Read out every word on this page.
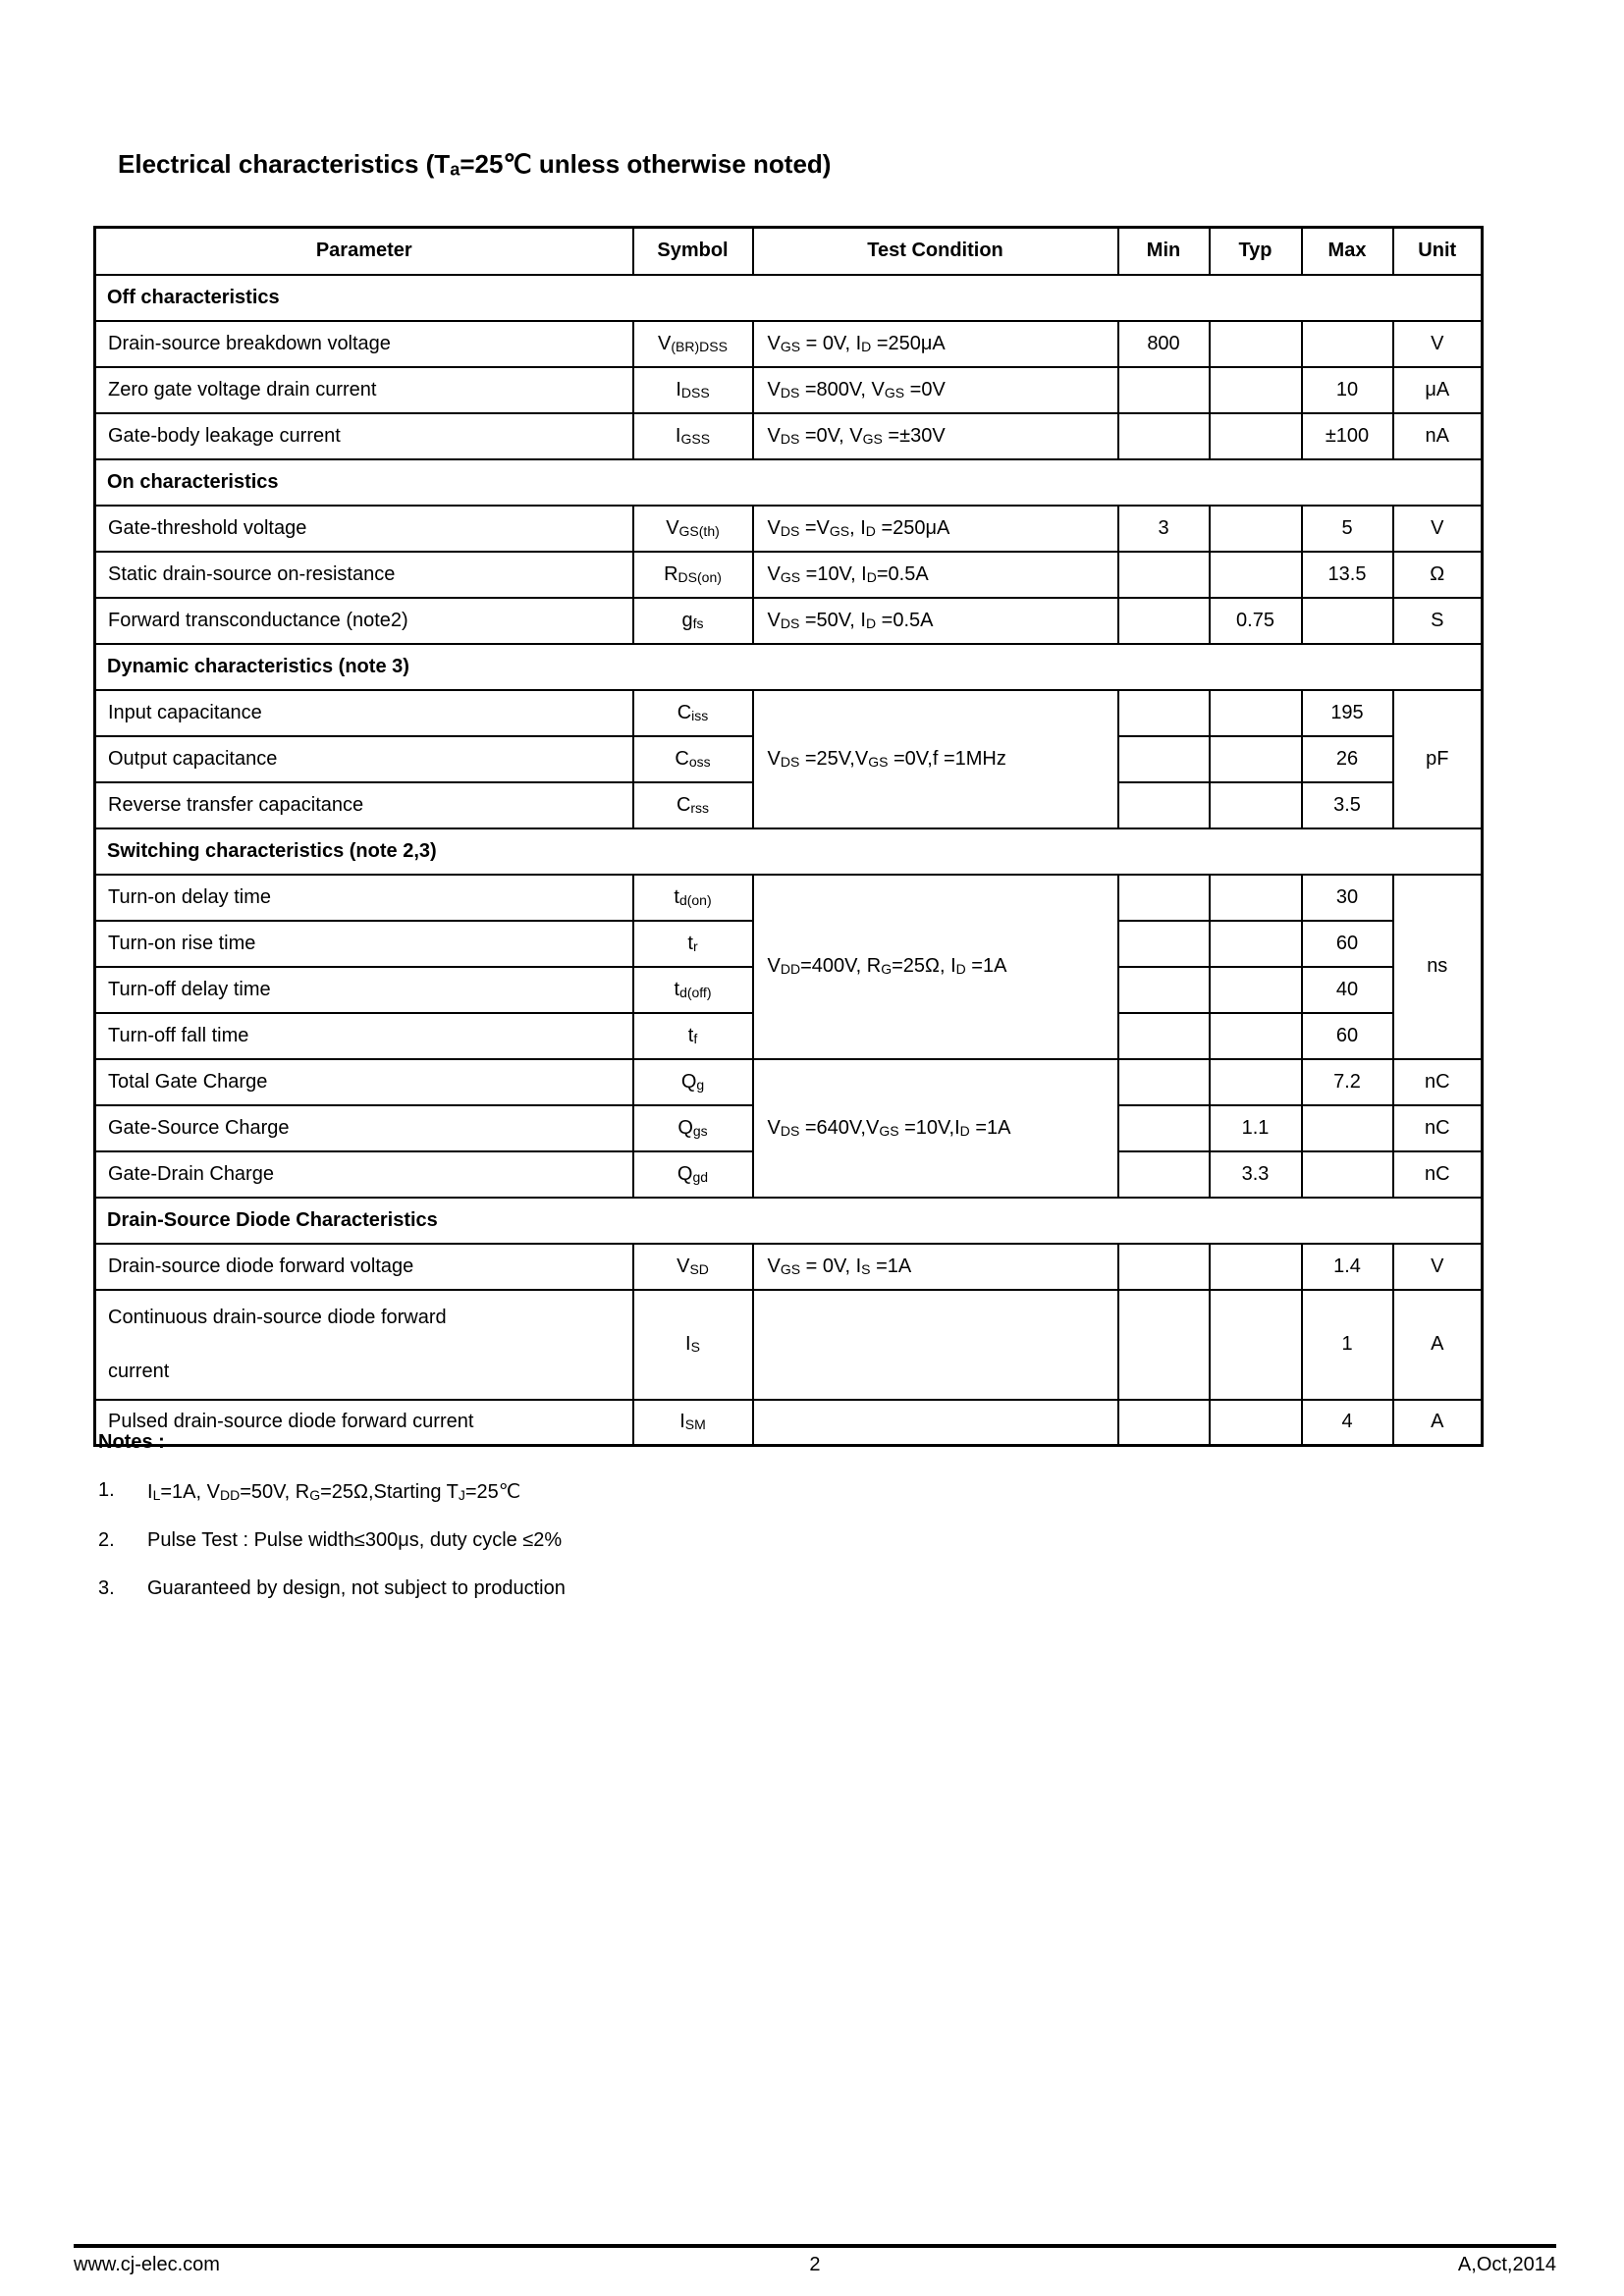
Electrical characteristics ($T_a=25℃$ unless otherwise noted)
Parameter	Symbol	Test Condition	Min	Typ	Max	Unit
Off characteristics						
Drain-source breakdown voltage	$V_{(BR)DSS}$	$V_{GS} = 0V$, $I_D =250\mu A$	800			V
Zero gate voltage drain current	$I_{DSS}$	$V_{DS} =800V$, $V_{GS} =0V$			10	μA
Gate-body leakage current	$I_{GSS}$	$V_{DS} =0V$, $V_{GS} =\pm 30V$			±100	nA
On characteristics						
Gate-threshold voltage	$V_{GS(th)}$	$V_{DS} =V_{GS}$, $I_D =250\mu A$	3		5	V
Static drain-source on-resistance	$R_{DS(on)}$	$V_{GS} =10V$, $I_D=0.5A$			13.5	Ω
Forward transconductance (note2)	$g_{fs}$	$V_{DS} =50V$, $I_D =0.5A$		0.75		S
Dynamic characteristics (note 3)						
Input capacitance	$C_{iss}$	$V_{DS} =25V,V_{GS} =0V,f =1MHz$			195	pF
Output capacitance	$C_{oss}$				26	
Reverse transfer capacitance	$C_{rss}$				3.5	
Switching characteristics (note 2,3)						
Turn-on delay time	$t_{d(on)}$	$V_{DD}=400V$, $R_G=25\Omega$, $I_D =1A$			30	ns
Turn-on rise time	$t_r$				60	
Turn-off delay time	$t_{d(off)}$				40	
Turn-off fall time	$t_f$				60	
Total Gate Charge	$Q_g$	$V_{DS} =640V,V_{GS} =10V,I_D =1A$			7.2	nC
Gate-Source Charge	$Q_{gs}$			1.1		nC
Gate-Drain Charge	$Q_{gd}$			3.3		nC
Drain-Source Diode Characteristics						
Drain-source diode forward voltage	$V_{SD}$	$V_{GS} = 0V$, $I_S =1A$			1.4	V
Continuous drain-source diode forward current	$I_S$				1	A
Pulsed drain-source diode forward current	$I_{SM}$				4	A
Notes :
1.	$I_L=1A$, $V_{DD}=50V$, $R_G=25\Omega,Starting$ $T_J=25℃$
2.	Pulse Test : Pulse width≤300μs, duty cycle ≤2%
3.	Guaranteed by design, not subject to production
www.cj-elec.com	2	A,Oct,2014
